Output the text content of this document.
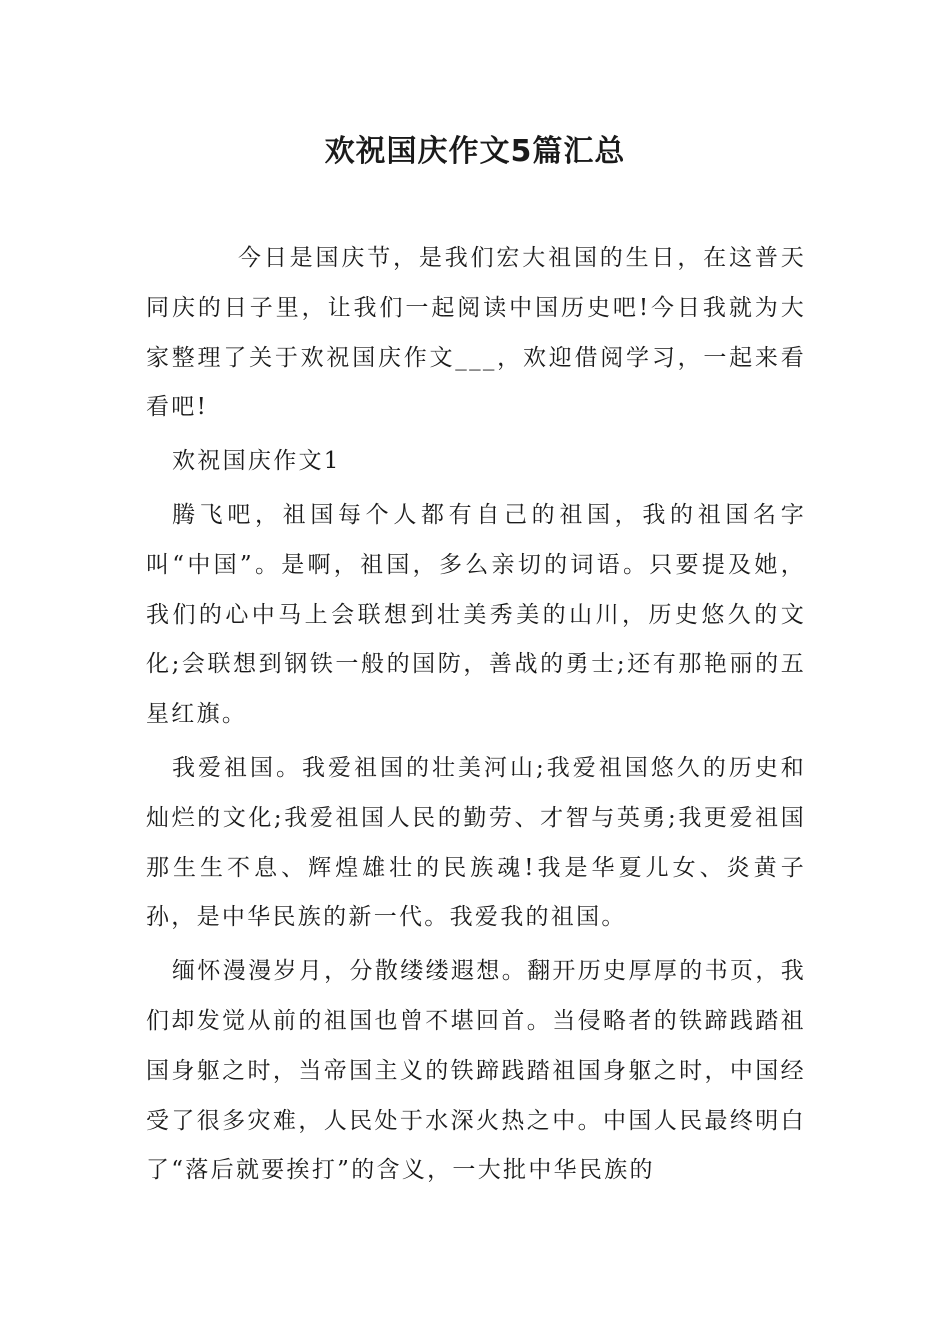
欢祝国庆作文5篇汇总

今日是国庆节，是我们宏大祖国的生日，在这普天同庆的日子里，让我们一起阅读中国历史吧!今日我就为大家整理了关于欢祝国庆作文___，欢迎借阅学习，一起来看看吧!

欢祝国庆作文1

腾飞吧，祖国每个人都有自己的祖国，我的祖国名字叫“中国”。是啊，祖国，多么亲切的词语。只要提及她，我们的心中马上会联想到壮美秀美的山川，历史悠久的文化;会联想到钢铁一般的国防，善战的勇士;还有那艳丽的五星红旗。

我爱祖国。我爱祖国的壮美河山;我爱祖国悠久的历史和灿烂的文化;我爱祖国人民的勤劳、才智与英勇;我更爱祖国那生生不息、辉煌雄壮的民族魂!我是华夏儿女、炎黄子孙，是中华民族的新一代。我爱我的祖国。

缅怀漫漫岁月，分散缕缕遐想。翻开历史厚厚的书页，我们却发觉从前的祖国也曾不堪回首。当侵略者的铁蹄践踏祖国身躯之时，当帝国主义的铁蹄践踏祖国身躯之时，中国经受了很多灾难，人民处于水深火热之中。中国人民最终明白了“落后就要挨打”的含义，一大批中华民族的
